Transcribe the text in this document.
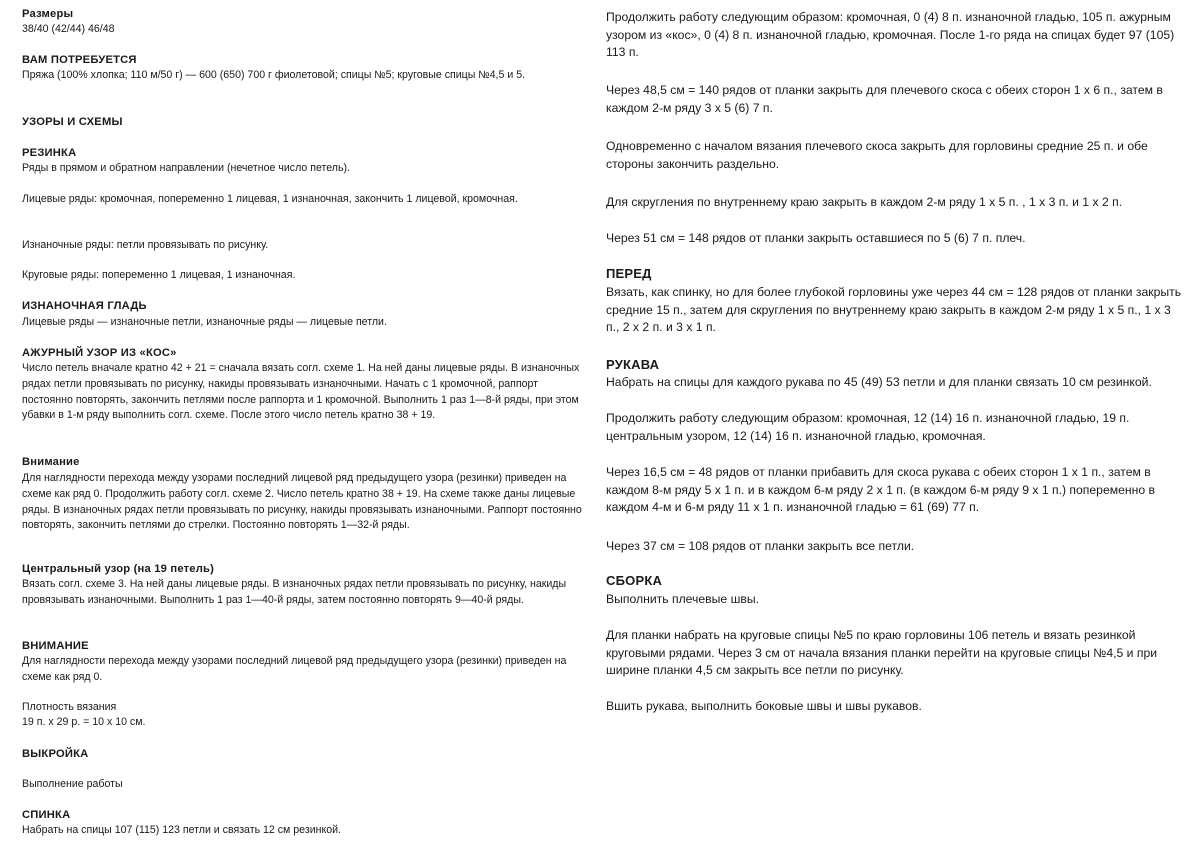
Размеры
38/40 (42/44) 46/48
ВАМ ПОТРЕБУЕТСЯ
Пряжа (100% хлопка; 110 м/50 г) — 600 (650) 700 г фиолетовой; спицы №5; круговые спицы №4,5 и 5.
УЗОРЫ И СХЕМЫ
РЕЗИНКА
Ряды в прямом и обратном направлении (нечетное число петель).
Лицевые ряды: кромочная, попеременно 1 лицевая, 1 изнаночная, закончить 1 лицевой, кромочная.
Изнаночные ряды: петли провязывать по рисунку.
Круговые ряды: попеременно 1 лицевая, 1 изнаночная.
ИЗНАНОЧНАЯ ГЛАДЬ
Лицевые ряды — изнаночные петли, изнаночные ряды — лицевые петли.
АЖУРНЫЙ УЗОР ИЗ «КОС»
Число петель вначале кратно 42 + 21 = сначала вязать согл. схеме 1. На ней даны лицевые ряды. В изнаночных рядах петли провязывать по рисунку, накиды провязывать изнаночными. Начать с 1 кромочной, раппорт постоянно повторять, закончить петлями после раппорта и 1 кромочной. Выполнить 1 раз 1—8-й ряды, при этом убавки в 1-м ряду выполнить согл. схеме. После этого число петель кратно 38 + 19.
Внимание
Для наглядности перехода между узорами последний лицевой ряд предыдущего узора (резинки) приведен на схеме как ряд 0. Продолжить работу согл. схеме 2. Число петель кратно 38 + 19. На схеме также даны лицевые ряды. В изнаночных рядах петли провязывать по рисунку, накиды провязывать изнаночными. Раппорт постоянно повторять, закончить петлями до стрелки. Постоянно повторять 1—32-й ряды.
Центральный узор (на 19 петель)
Вязать согл. схеме 3. На ней даны лицевые ряды. В изнаночных рядах петли провязывать по рисунку, накиды провязывать изнаночными. Выполнить 1 раз 1—40-й ряды, затем постоянно повторять 9—40-й ряды.
ВНИМАНИЕ
Для наглядности перехода между узорами последний лицевой ряд предыдущего узора (резинки) приведен на схеме как ряд 0.
Плотность вязания
19 п. х 29 р. = 10 х 10 см.
ВЫКРОЙКА
Выполнение работы
СПИНКА
Набрать на спицы 107 (115) 123 петли и связать 12 см резинкой.
Продолжить работу следующим образом: кромочная, 0 (4) 8 п. изнаночной гладью, 105 п. ажурным узором из «кос», 0 (4) 8 п. изнаночной гладью, кромочная. После 1-го ряда на спицах будет 97 (105) 113 п.
Через 48,5 см = 140 рядов от планки закрыть для плечевого скоса с обеих сторон 1 х 6 п., затем в каждом 2-м ряду 3 х 5 (6) 7 п.
Одновременно с началом вязания плечевого скоса закрыть для горловины средние 25 п. и обе стороны закончить раздельно.
Для скругления по внутреннему краю закрыть в каждом 2-м ряду 1 х 5 п. , 1 х 3 п. и 1 х 2 п.
Через 51 см = 148 рядов от планки закрыть оставшиеся по 5 (6) 7 п. плеч.
ПЕРЕД
Вязать, как спинку, но для более глубокой горловины уже через 44 см = 128 рядов от планки закрыть средние 15 п., затем для скругления по внутреннему краю закрыть в каждом 2-м ряду 1 х 5 п., 1 х 3 п., 2 х 2 п. и 3 х 1 п.
РУКАВА
Набрать на спицы для каждого рукава по 45 (49) 53 петли и для планки связать 10 см резинкой.
Продолжить работу следующим образом: кромочная, 12 (14) 16 п. изнаночной гладью, 19 п. центральным узором, 12 (14) 16 п. изнаночной гладью, кромочная.
Через 16,5 см = 48 рядов от планки прибавить для скоса рукава с обеих сторон 1 х 1 п., затем в каждом 8-м ряду 5 х 1 п. и в каждом 6-м ряду 2 х 1 п. (в каждом 6-м ряду 9 х 1 п.) попеременно в каждом 4-м и 6-м ряду 11 х 1 п. изнаночной гладью = 61 (69) 77 п.
Через 37 см = 108 рядов от планки закрыть все петли.
СБОРКА
Выполнить плечевые швы.
Для планки набрать на круговые спицы №5 по краю горловины 106 петель и вязать резинкой круговыми рядами. Через 3 см от начала вязания планки перейти на круговые спицы №4,5 и при ширине планки 4,5 см закрыть все петли по рисунку.
Вшить рукава, выполнить боковые швы и швы рукавов.
